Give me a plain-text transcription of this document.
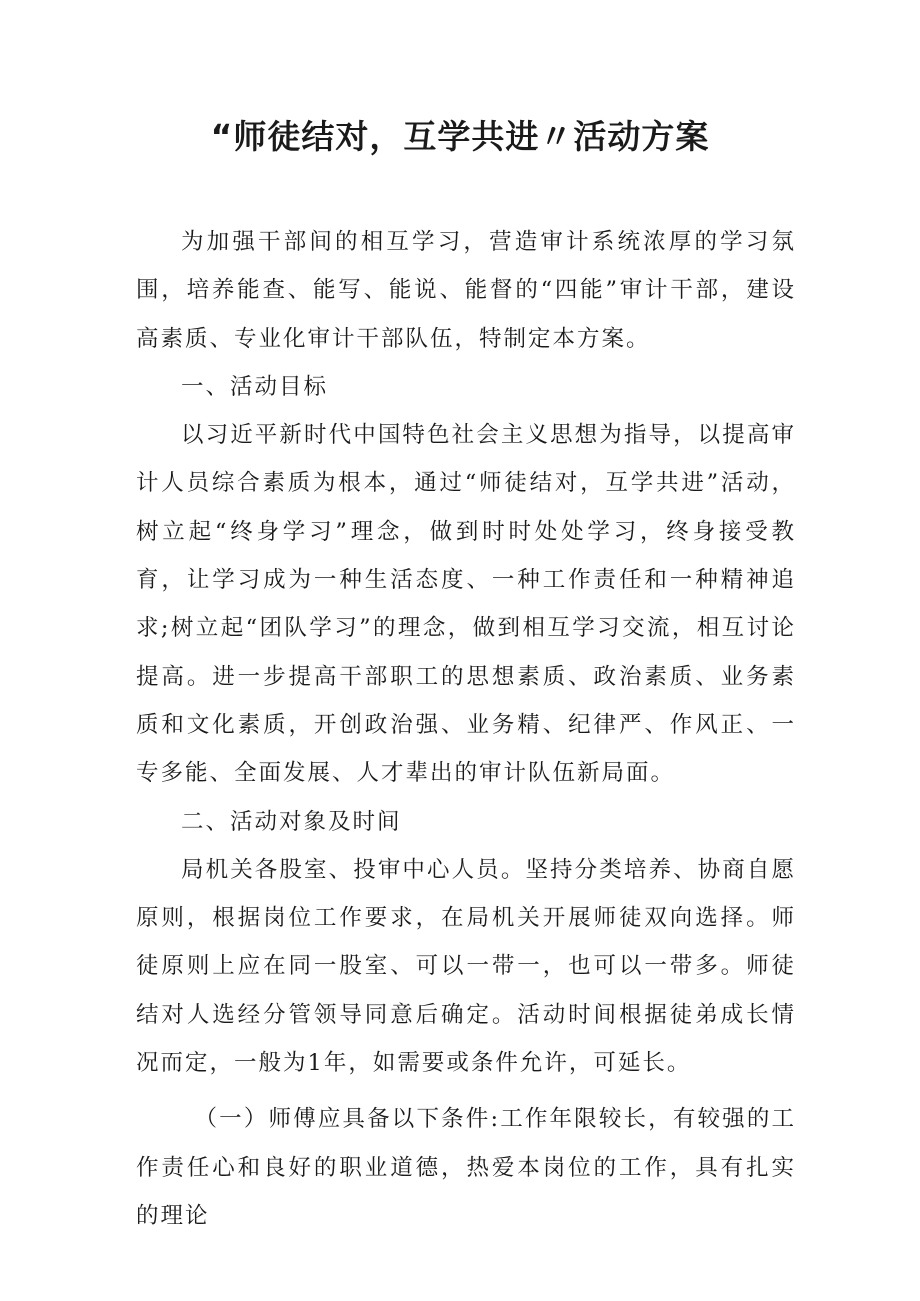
“师徒结对，互学共进〃活动方案

为加强干部间的相互学习，营造审计系统浓厚的学习氛围，培养能查、能写、能说、能督的“四能”审计干部，建设高素质、专业化审计干部队伍，特制定本方案。

一、活动目标

以习近平新时代中国特色社会主义思想为指导，以提高审计人员综合素质为根本，通过“师徒结对，互学共进”活动，树立起“终身学习”理念，做到时时处处学习，终身接受教育，让学习成为一种生活态度、一种工作责任和一种精神追求;树立起“团队学习”的理念，做到相互学习交流，相互讨论提高。进一步提高干部职工的思想素质、政治素质、业务素质和文化素质，开创政治强、业务精、纪律严、作风正、一专多能、全面发展、人才辈出的审计队伍新局面。

二、活动对象及时间

局机关各股室、投审中心人员。坚持分类培养、协商自愿原则，根据岗位工作要求，在局机关开展师徒双向选择。师徒原则上应在同一股室、可以一带一，也可以一带多。师徒结对人选经分管领导同意后确定。活动时间根据徒弟成长情况而定，一般为1年，如需要或条件允许，可延长。

（一）师傅应具备以下条件:工作年限较长，有较强的工作责任心和良好的职业道德，热爱本岗位的工作，具有扎实的理论
